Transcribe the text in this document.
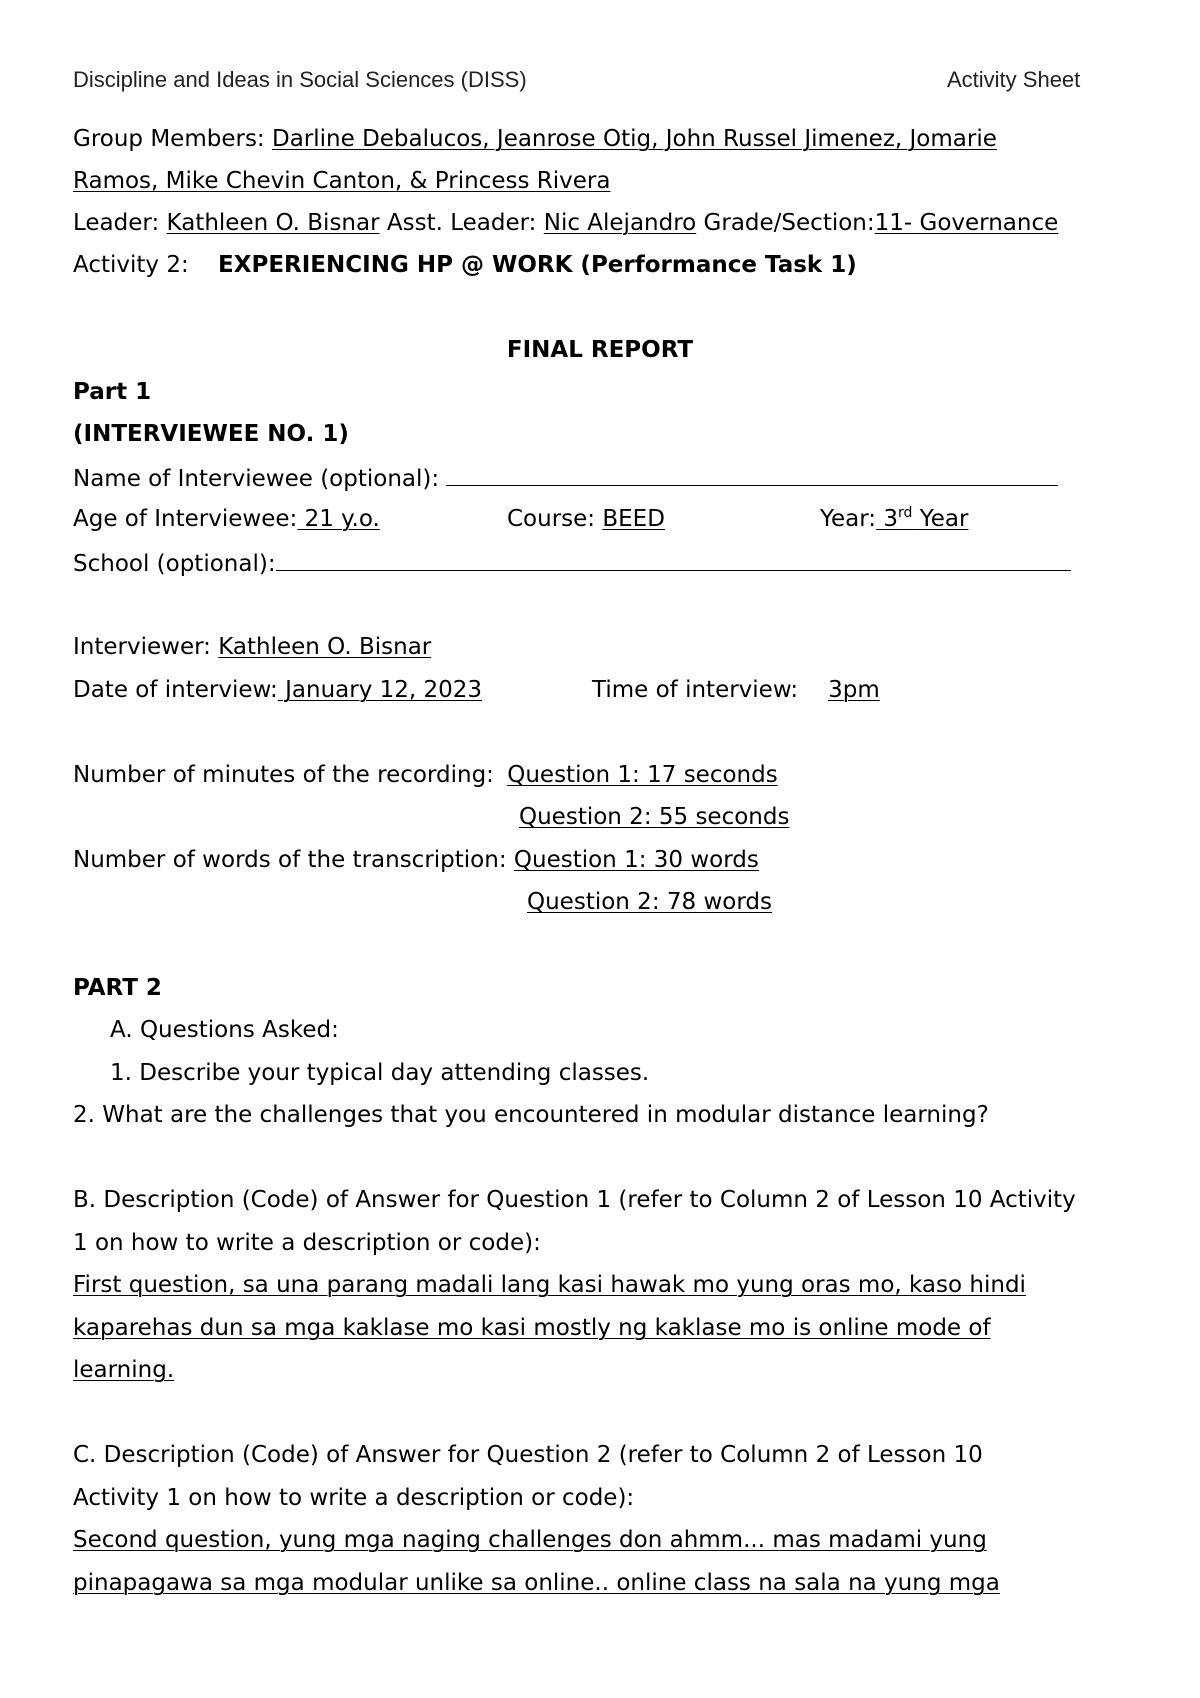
Discipline and Ideas in Social Sciences (DISS)	Activity Sheet
Group Members: Darline Debalucos, Jeanrose Otig, John Russel Jimenez, Jomarie
Ramos, Mike Chevin Canton, & Princess Rivera
Leader: Kathleen O. Bisnar Asst. Leader: Nic Alejandro Grade/Section:11- Governance
Activity 2: EXPERIENCING HP @ WORK (Performance Task 1)
FINAL REPORT
Part 1
(INTERVIEWEE NO. 1)
Name of Interviewee (optional):
Age of Interviewee: 21 y.o.	Course: BEED	Year: 3rd Year
School (optional):
Interviewer: Kathleen O. Bisnar
Date of interview: January 12, 2023	Time of interview: 3pm
Number of minutes of the recording: Question 1: 17 seconds
Question 2: 55 seconds
Number of words of the transcription: Question 1: 30 words
Question 2: 78 words
PART 2
A. Questions Asked:
1. Describe your typical day attending classes.
2. What are the challenges that you encountered in modular distance learning?
B. Description (Code) of Answer for Question 1 (refer to Column 2 of Lesson 10 Activity
1 on how to write a description or code):
First question, sa una parang madali lang kasi hawak mo yung oras mo, kaso hindi
kaparehas dun sa mga kaklase mo kasi mostly ng kaklase mo is online mode of
learning.
C. Description (Code) of Answer for Question 2 (refer to Column 2 of Lesson 10
Activity 1 on how to write a description or code):
Second question, yung mga naging challenges don ahmm... mas madami yung
pinapagawa sa mga modular unlike sa online.. online class na sala na yung mga
